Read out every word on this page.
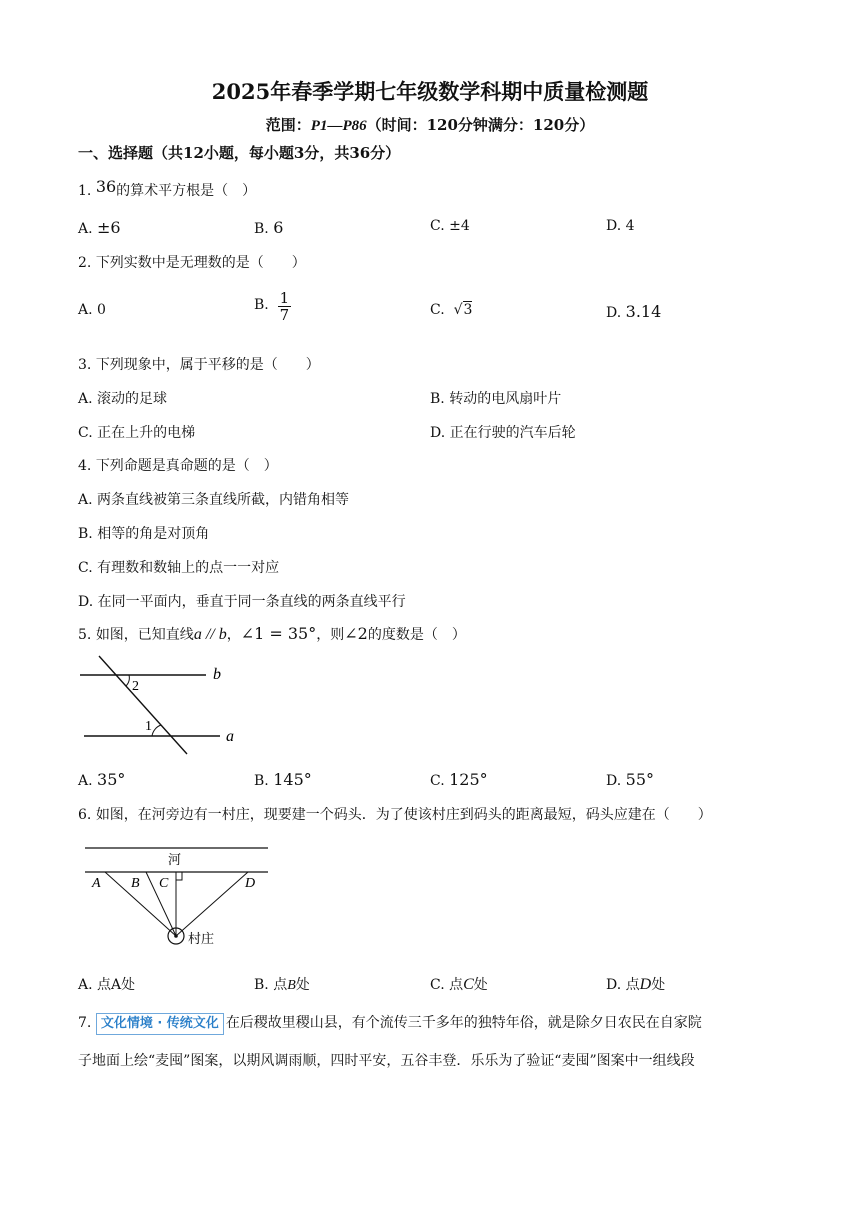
2025年春季学期七年级数学科期中质量检测题
范围：P1—P86（时间：120分钟满分：120分）
一、选择题（共12小题，每小题3分，共36分）
1. 36的算术平方根是（　）
A. ±6	B. 6	C. ±4	D. 4
2. 下列实数中是无理数的是（　　）
A. 0	B. $\frac{1}{7}$	C. √3	D. 3.14
3. 下列现象中，属于平移的是（　　）
A. 滚动的足球	B. 转动的电风扇叶片
C. 正在上升的电梯	D. 正在行驶的汽车后轮
4. 下列命题是真命题的是（　）
A. 两条直线被第三条直线所截，内错角相等
B. 相等的角是对顶角
C. 有理数和数轴上的点一一对应
D. 在同一平面内，垂直于同一条直线的两条直线平行
5. 如图，已知直线a // b，∠1 = 35°，则∠2的度数是（　）
2
1
b
a
A. 35°	B. 145°	C. 125°	D. 55°
6. 如图，在河旁边有一村庄，现要建一个码头．为了使该村庄到码头的距离最短，码头应建在（　　）
河
A B C	D
村庄
A. 点A处	B. 点B处	C. 点C处	D. 点D处
7. 文化情境 · 传统文化 在后稷故里稷山县，有个流传三千多年的独特年俗，就是除夕日农民在自家院
子地面上绘“麦囤”图案，以期风调雨顺，四时平安，五谷丰登．乐乐为了验证“麦囤”图案中一组线段
